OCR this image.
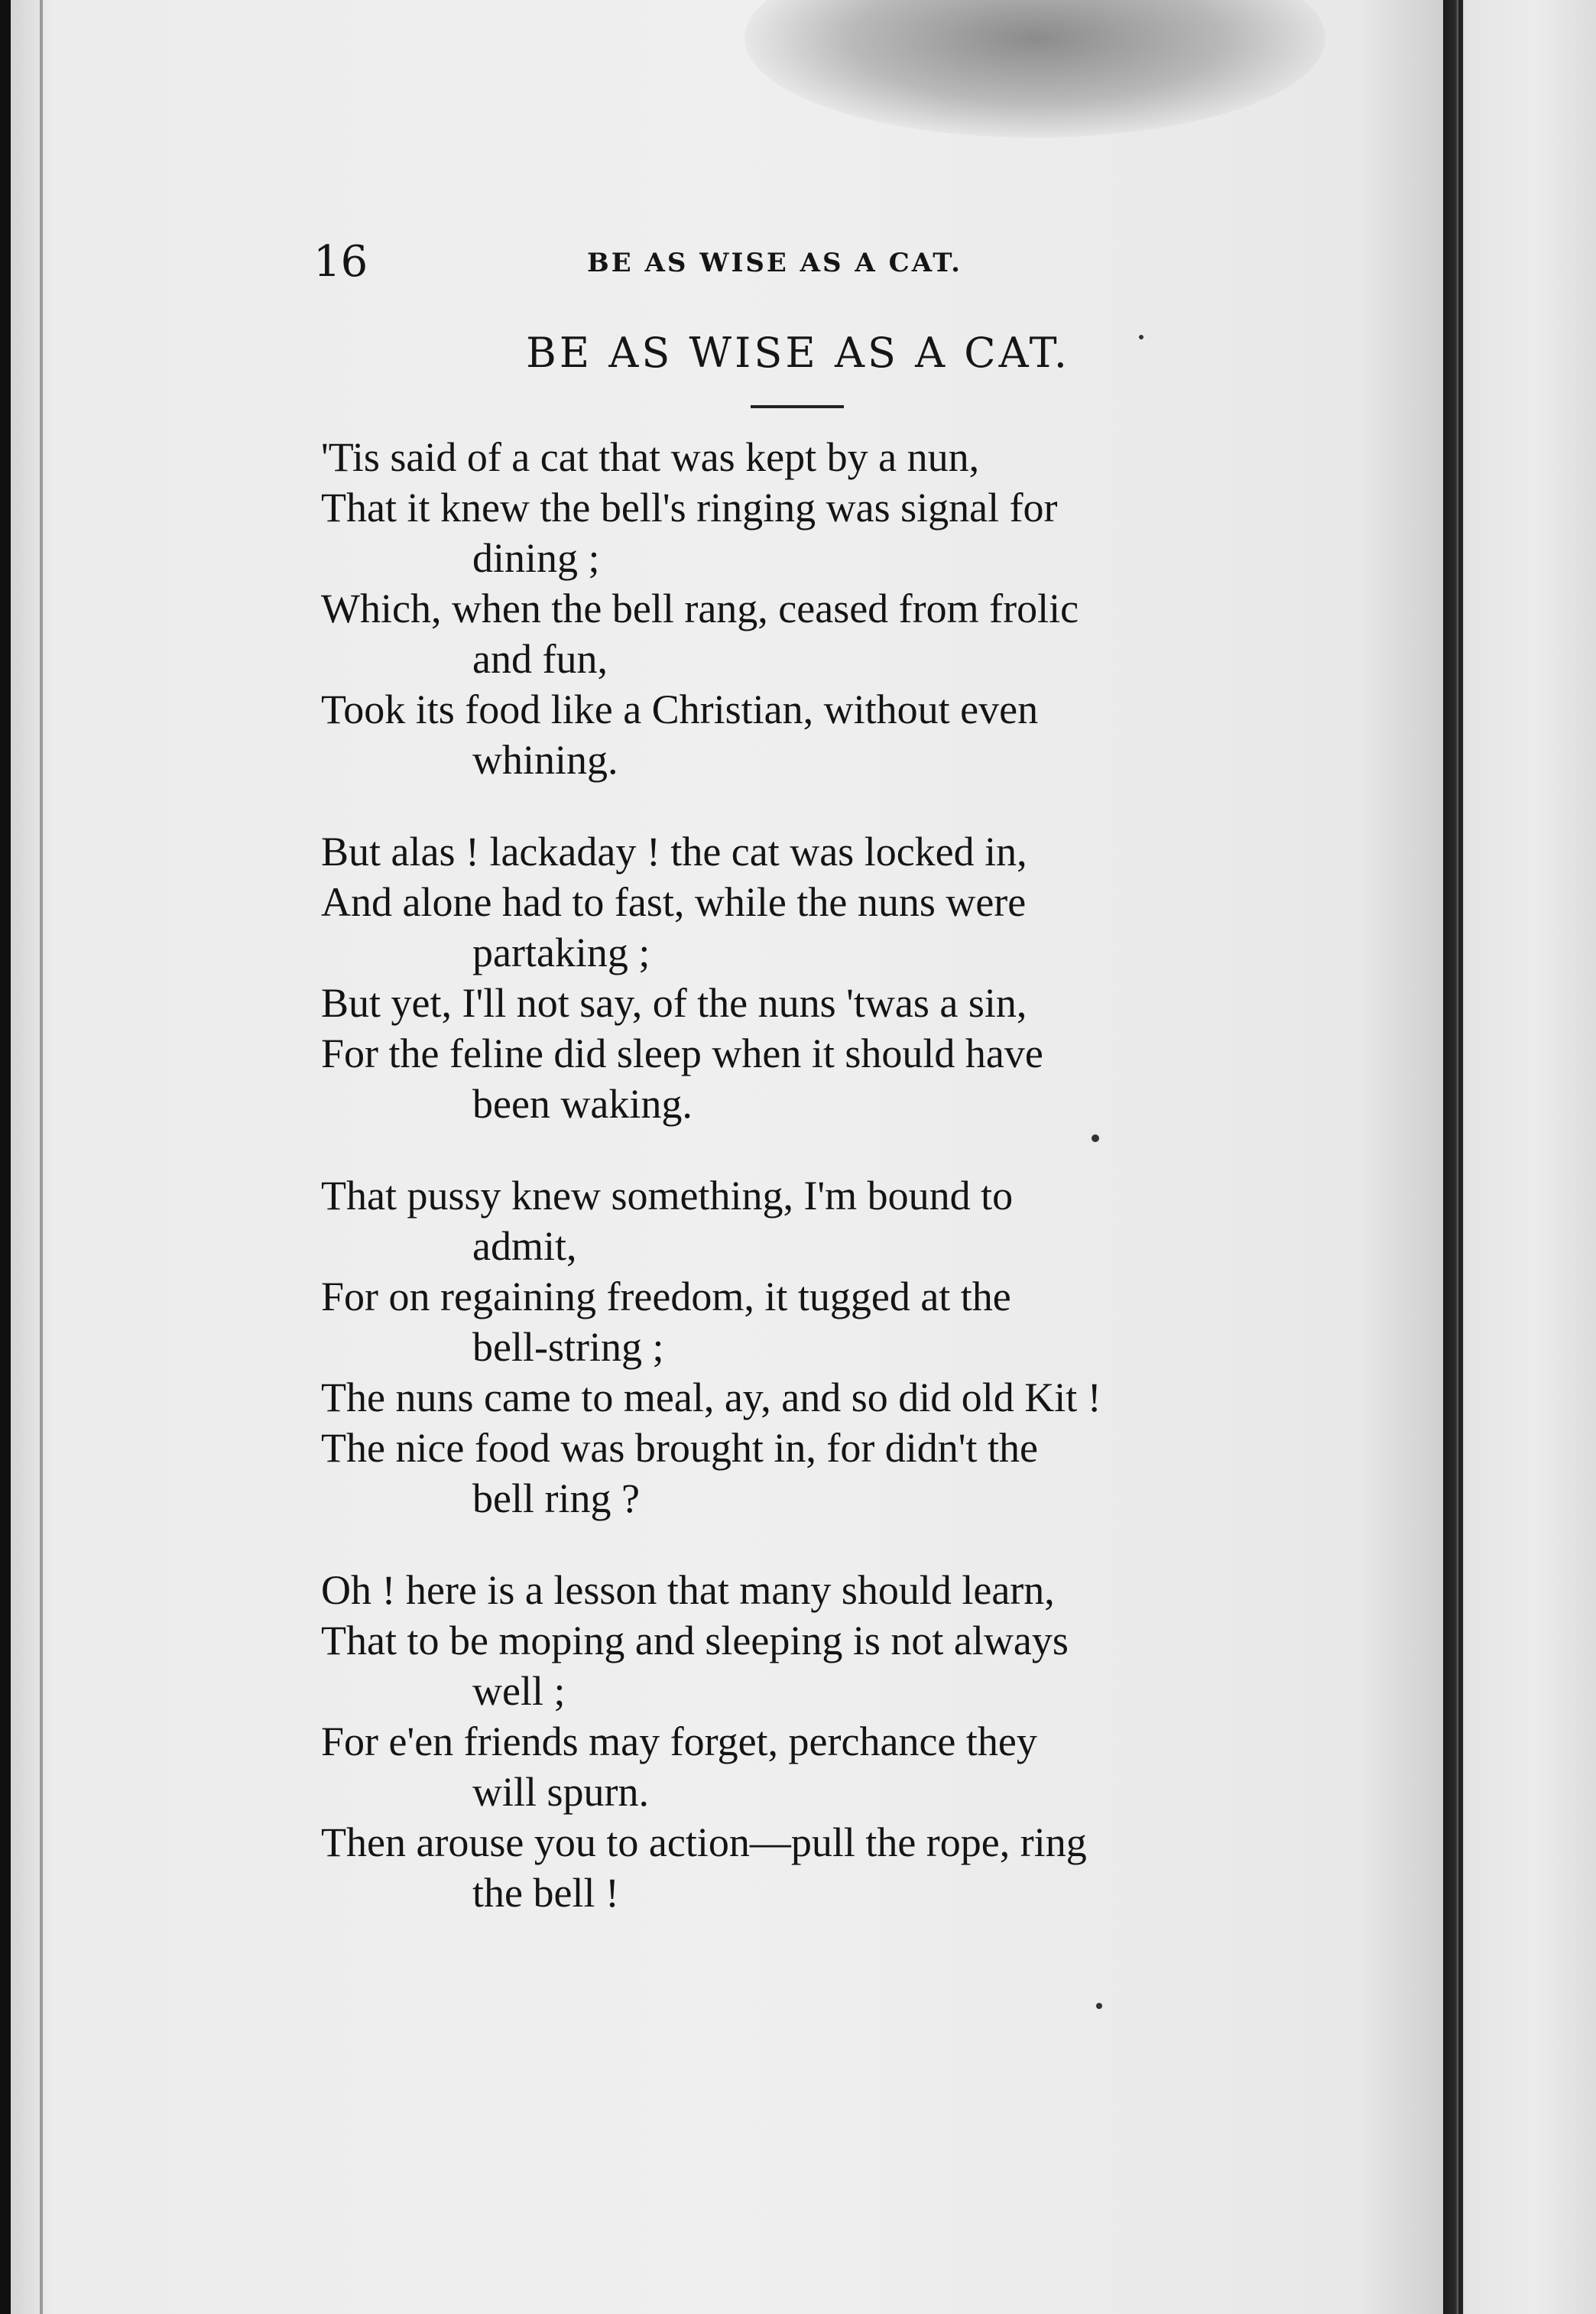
16	BE AS WISE AS A CAT.
BE AS WISE AS A CAT.
'Tis said of a cat that was kept by a nun,
That it knew the bell's ringing was signal for
dining ;
Which, when the bell rang, ceased from frolic
and fun,
Took its food like a Christian, without even
whining.
But alas ! lackaday ! the cat was locked in,
And alone had to fast, while the nuns were
partaking ;
But yet, I'll not say, of the nuns 'twas a sin,
For the feline did sleep when it should have
been waking.
That pussy knew something, I'm bound to
admit,
For on regaining freedom, it tugged at the
bell-string ;
The nuns came to meal, ay, and so did old Kit !
The nice food was brought in, for didn't the
bell ring ?
Oh ! here is a lesson that many should learn,
That to be moping and sleeping is not always
well ;
For e'en friends may forget, perchance they
will spurn.
Then arouse you to action—pull the rope, ring
the bell !
